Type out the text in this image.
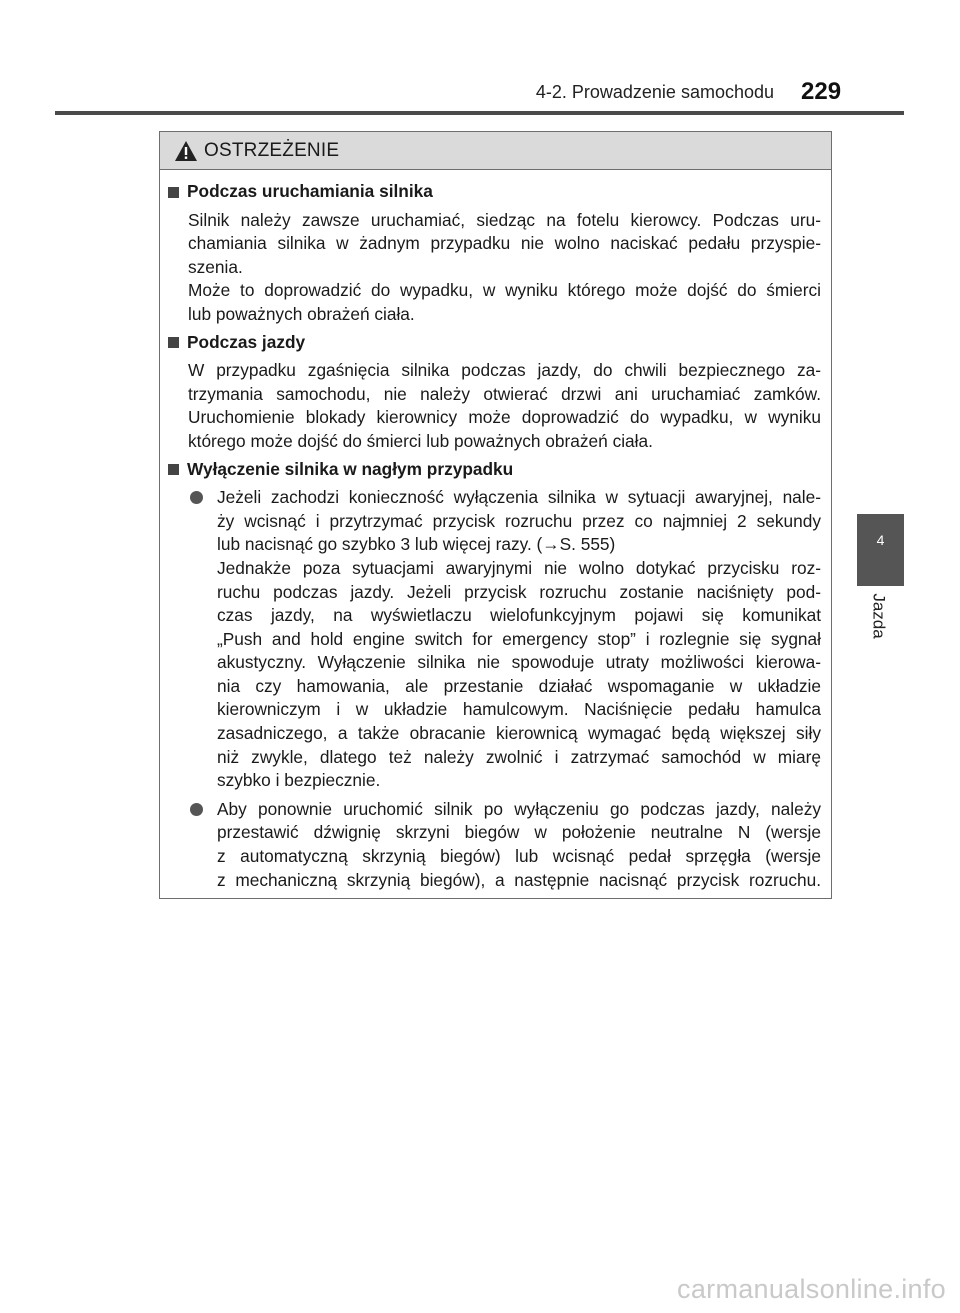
4-2. Prowadzenie samochodu 229
4
Jazda
OSTRZEŻENIE
Podczas uruchamiania silnika
Silnik należy zawsze uruchamiać, siedząc na fotelu kierowcy. Podczas uru-
chamiania silnika w żadnym przypadku nie wolno naciskać pedału przyspie-
szenia.
Może to doprowadzić do wypadku, w wyniku którego może dojść do śmierci
lub poważnych obrażeń ciała.
Podczas jazdy
W przypadku zgaśnięcia silnika podczas jazdy, do chwili bezpiecznego za-
trzymania samochodu, nie należy otwierać drzwi ani uruchamiać zamków.
Uruchomienie blokady kierownicy może doprowadzić do wypadku, w wyniku
którego może dojść do śmierci lub poważnych obrażeń ciała.
Wyłączenie silnika w nagłym przypadku
Jeżeli zachodzi konieczność wyłączenia silnika w sytuacji awaryjnej, nale-
ży wcisnąć i przytrzymać przycisk rozruchu przez co najmniej 2 sekundy
lub nacisnąć go szybko 3 lub więcej razy. (→S. 555)
Jednakże poza sytuacjami awaryjnymi nie wolno dotykać przycisku roz-
ruchu podczas jazdy. Jeżeli przycisk rozruchu zostanie naciśnięty pod-
czas jazdy, na wyświetlaczu wielofunkcyjnym pojawi się komunikat
„Push and hold engine switch for emergency stop” i rozlegnie się sygnał
akustyczny. Wyłączenie silnika nie spowoduje utraty możliwości kierowa-
nia czy hamowania, ale przestanie działać wspomaganie w układzie
kierowniczym i w układzie hamulcowym. Naciśnięcie pedału hamulca
zasadniczego, a także obracanie kierownicą wymagać będą większej siły
niż zwykle, dlatego też należy zwolnić i zatrzymać samochód w miarę
szybko i bezpiecznie.
Aby ponownie uruchomić silnik po wyłączeniu go podczas jazdy, należy
przestawić dźwignię skrzyni biegów w położenie neutralne N (wersje
z automatyczną skrzynią biegów) lub wcisnąć pedał sprzęgła (wersje
z mechaniczną skrzynią biegów), a następnie nacisnąć przycisk rozruchu.
carmanualsonline.info
